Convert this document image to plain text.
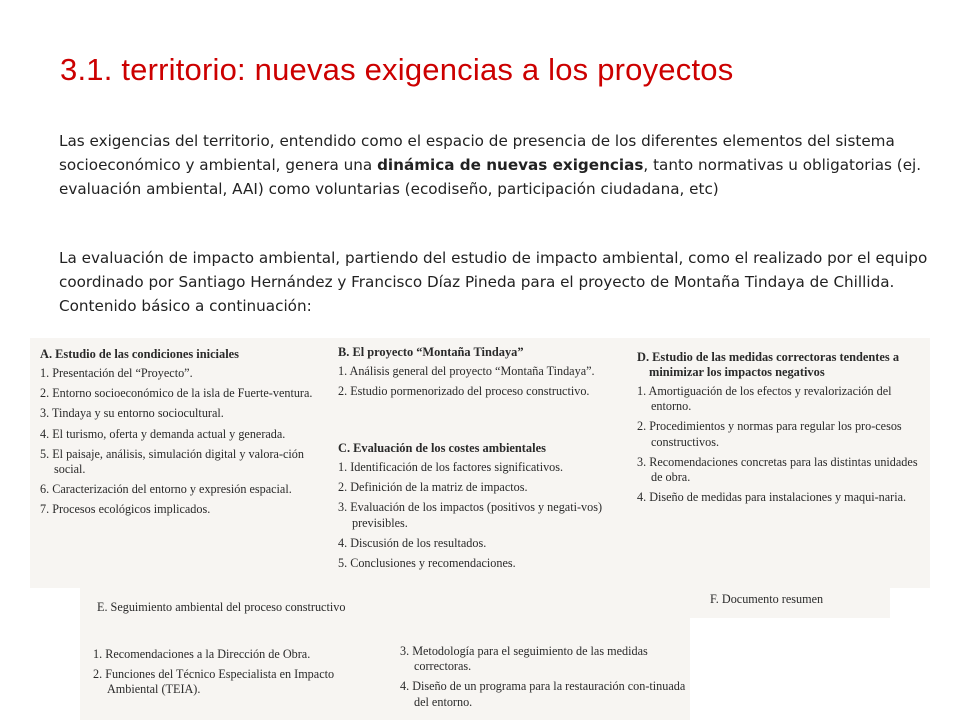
3.1. territorio: nuevas exigencias a los proyectos

Las exigencias del territorio, entendido como el espacio de presencia de los diferentes elementos del sistema socioeconómico y ambiental, genera una dinámica de nuevas exigencias, tanto normativas u obligatorias (ej. evaluación ambiental, AAI) como voluntarias (ecodiseño, participación ciudadana, etc)

La evaluación de impacto ambiental, partiendo del estudio de impacto ambiental, como el realizado por el equipo coordinado por Santiago Hernández y Francisco Díaz Pineda para el proyecto de Montaña Tindaya de Chillida. Contenido básico a continuación:

A. Estudio de las condiciones iniciales
1. Presentación del “Proyecto”.
2. Entorno socioeconómico de la isla de Fuerte-ventura.
3. Tindaya y su entorno sociocultural.
4. El turismo, oferta y demanda actual y generada.
5. El paisaje, análisis, simulación digital y valora-ción social.
6. Caracterización del entorno y expresión espacial.
7. Procesos ecológicos implicados.
B. El proyecto “Montaña Tindaya”
1. Análisis general del proyecto “Montaña Tindaya”.
2. Estudio pormenorizado del proceso constructivo.
C. Evaluación de los costes ambientales
1. Identificación de los factores significativos.
2. Definición de la matriz de impactos.
3. Evaluación de los impactos (positivos y negati-vos) previsibles.
4. Discusión de los resultados.
5. Conclusiones y recomendaciones.
D. Estudio de las medidas correctoras tendentes a minimizar los impactos negativos
1. Amortiguación de los efectos y revalorización del entorno.
2. Procedimientos y normas para regular los pro-cesos constructivos.
3. Recomendaciones concretas para las distintas unidades de obra.
4. Diseño de medidas para instalaciones y maqui-naria.
E. Seguimiento ambiental del proceso constructivo
1. Recomendaciones a la Dirección de Obra.
2. Funciones del Técnico Especialista en Impacto Ambiental (TEIA).
3. Metodología para el seguimiento de las medidas correctoras.
4. Diseño de un programa para la restauración con-tinuada del entorno.
F. Documento resumen
